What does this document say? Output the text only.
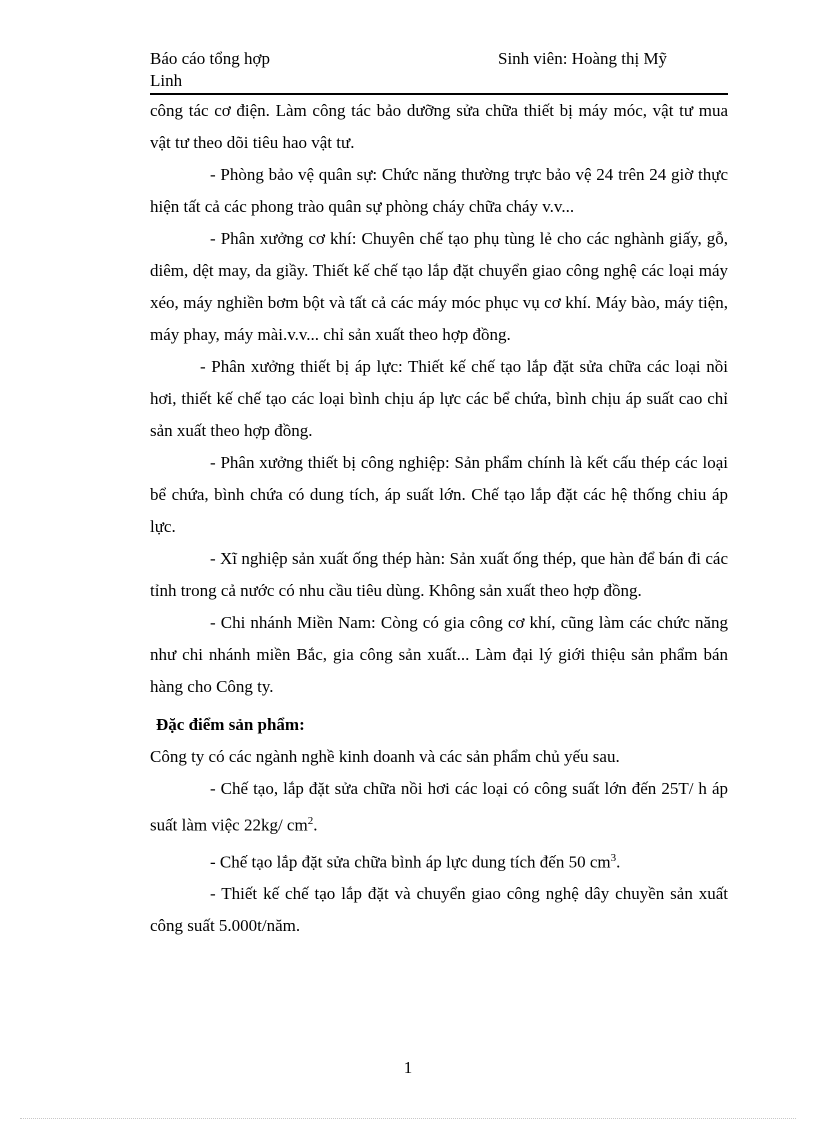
Báo cáo tổng hợp
Linh
Sinh viên: Hoàng thị Mỹ

công tác cơ điện. Làm công tác bảo dưỡng sửa chữa thiết bị máy móc, vật tư mua vật tư theo dõi tiêu hao vật tư.

- Phòng bảo vệ quân sự: Chức năng thường trực bảo vệ 24 trên 24 giờ thực hiện tất cả các phong trào quân sự phòng cháy chữa cháy v.v...

- Phân xưởng cơ khí: Chuyên chế tạo phụ tùng lẻ cho các nghành giấy, gỗ, diêm, dệt may, da giầy. Thiết kế chế tạo lắp đặt chuyển giao công nghệ các loại máy xéo, máy nghiền bơm bột và tất cả các máy móc phục vụ cơ khí. Máy bào, máy tiện, máy phay, máy mài.v.v... chỉ sản xuất theo hợp đồng.

- Phân xưởng thiết bị áp lực: Thiết kế chế tạo lắp đặt sửa chữa các loại nồi hơi, thiết kế chế tạo các loại bình chịu áp lực các bể chứa, bình chịu áp suất cao chỉ sản xuất theo hợp đồng.

- Phân xưởng thiết bị công nghiệp: Sản phẩm chính là kết cấu thép các loại bể chứa, bình chứa có dung tích, áp suất lớn. Chế tạo lắp đặt các hệ thống chiu áp lực.

- Xĩ nghiệp sản xuất ống thép hàn: Sản xuất ống thép, que hàn để bán đi các tỉnh trong cả nước có nhu cầu tiêu dùng. Không sản xuất theo hợp đồng.

- Chi nhánh Miền Nam: Còng có gia công cơ khí, cũng làm các chức năng như chi nhánh miền Bắc, gia công sản xuất... Làm đại lý giới thiệu sản phẩm bán hàng cho Công ty.

Đặc điểm sản phẩm:

Công ty có các ngành nghề kinh doanh và các sản phẩm chủ yếu sau.

- Chế tạo, lắp đặt sửa chữa nồi hơi các loại có công suất lớn đến 25T/ h áp suất làm việc 22kg/ $cm^2$.

- Chế tạo lắp đặt sửa chữa bình áp lực dung tích đến 50 $cm^3$.

- Thiết kế chế tạo lắp đặt và chuyển giao công nghệ dây chuyền sản xuất công suất 5.000t/năm.

1
